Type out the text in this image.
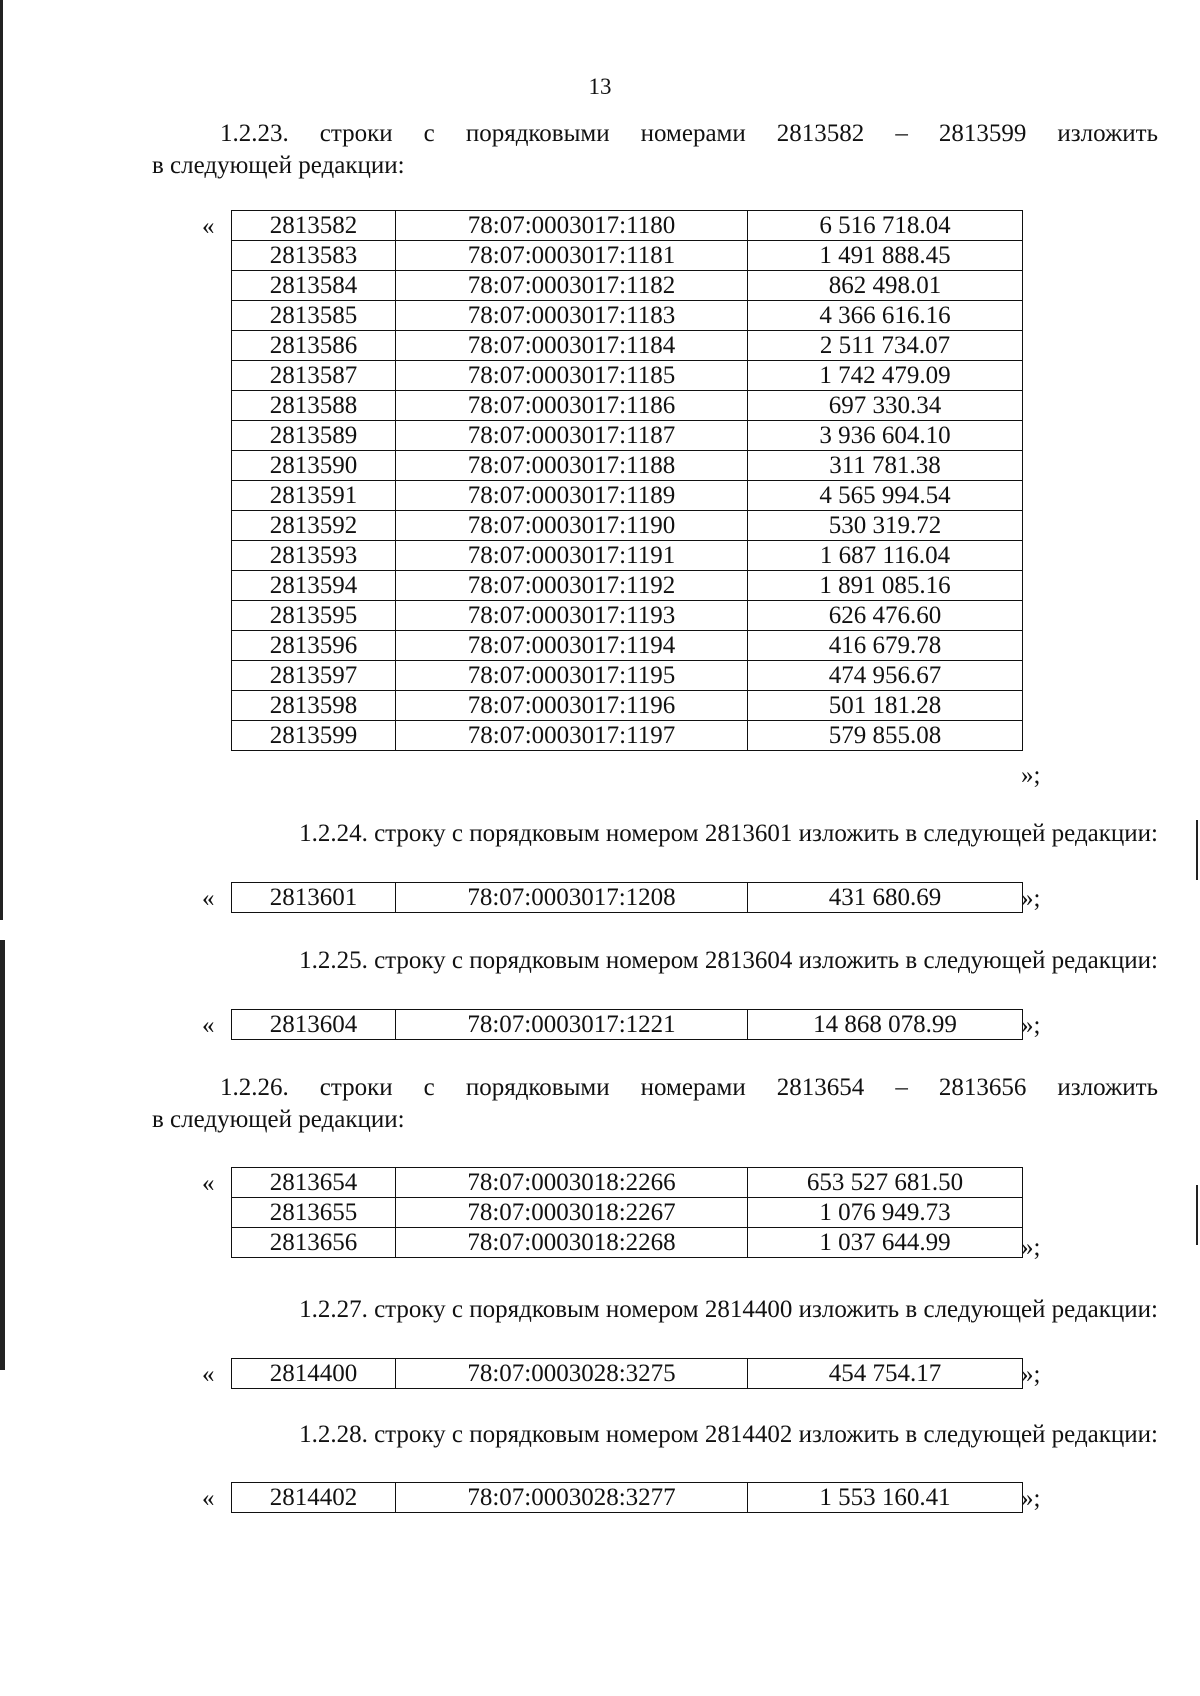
13
1.2.23. строки с порядковыми номерами 2813582 – 2813599 изложить
в следующей редакции:
« 2813582	78:07:0003017:1180	6 516 718.04
2813583	78:07:0003017:1181	1 491 888.45
2813584	78:07:0003017:1182	862 498.01
2813585	78:07:0003017:1183	4 366 616.16
2813586	78:07:0003017:1184	2 511 734.07
2813587	78:07:0003017:1185	1 742 479.09
2813588	78:07:0003017:1186	697 330.34
2813589	78:07:0003017:1187	3 936 604.10
2813590	78:07:0003017:1188	311 781.38
2813591	78:07:0003017:1189	4 565 994.54
2813592	78:07:0003017:1190	530 319.72
2813593	78:07:0003017:1191	1 687 116.04
2813594	78:07:0003017:1192	1 891 085.16
2813595	78:07:0003017:1193	626 476.60
2813596	78:07:0003017:1194	416 679.78
2813597	78:07:0003017:1195	474 956.67
2813598	78:07:0003017:1196	501 181.28
2813599	78:07:0003017:1197	579 855.08
»;
1.2.24. строку с порядковым номером 2813601 изложить в следующей редакции:
« 2813601	78:07:0003017:1208	431 680.69	»;
1.2.25. строку с порядковым номером 2813604 изложить в следующей редакции:
« 2813604	78:07:0003017:1221	14 868 078.99	»;
1.2.26. строки с порядковыми номерами 2813654 – 2813656 изложить
в следующей редакции:
« 2813654	78:07:0003018:2266	653 527 681.50
2813655	78:07:0003018:2267	1 076 949.73
2813656	78:07:0003018:2268	1 037 644.99	»;
1.2.27. строку с порядковым номером 2814400 изложить в следующей редакции:
« 2814400	78:07:0003028:3275	454 754.17	»;
1.2.28. строку с порядковым номером 2814402 изложить в следующей редакции:
« 2814402	78:07:0003028:3277	1 553 160.41	»;
